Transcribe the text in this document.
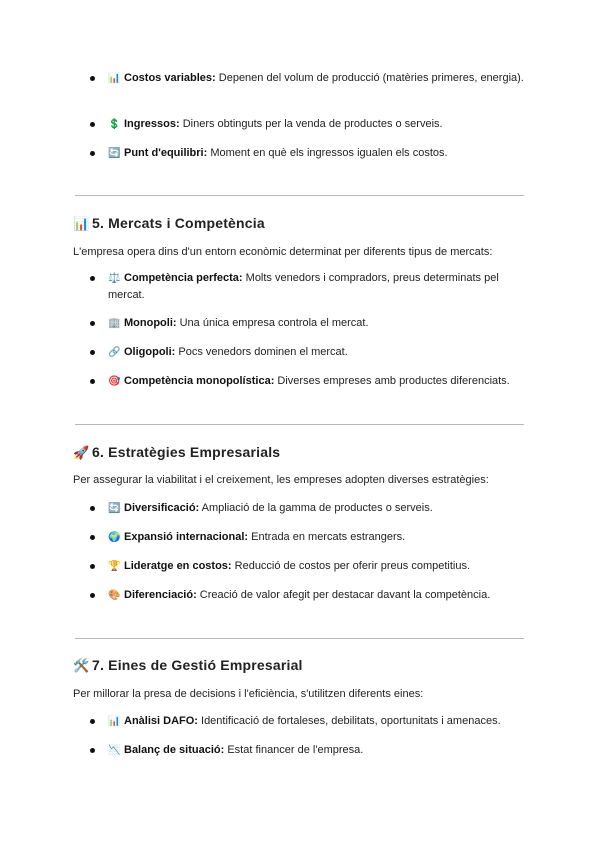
📊 Costos variables: Depenen del volum de producció (matèries primeres, energia).
💲 Ingressos: Diners obtinguts per la venda de productes o serveis.
🔄 Punt d'equilibri: Moment en què els ingressos igualen els costos.
📊 5. Mercats i Competència

L'empresa opera dins d'un entorn econòmic determinat per diferents tipus de mercats:

⚖️ Competència perfecta: Molts venedors i compradors, preus determinats pel mercat.
🏢 Monopoli: Una única empresa controla el mercat.
🔗 Oligopoli: Pocs venedors dominen el mercat.
🎯 Competència monopolística: Diverses empreses amb productes diferenciats.
🚀 6. Estratègies Empresarials

Per assegurar la viabilitat i el creixement, les empreses adopten diverses estratègies:

🔄 Diversificació: Ampliació de la gamma de productes o serveis.
🌍 Expansió internacional: Entrada en mercats estrangers.
🏆 Lideratge en costos: Reducció de costos per oferir preus competitius.
🎨 Diferenciació: Creació de valor afegit per destacar davant la competència.
🛠️ 7. Eines de Gestió Empresarial

Per millorar la presa de decisions i l'eficiència, s'utilitzen diferents eines:

📊 Anàlisi DAFO: Identificació de fortaleses, debilitats, oportunitats i amenaces.
📉 Balanç de situació: Estat financer de l'empresa.
